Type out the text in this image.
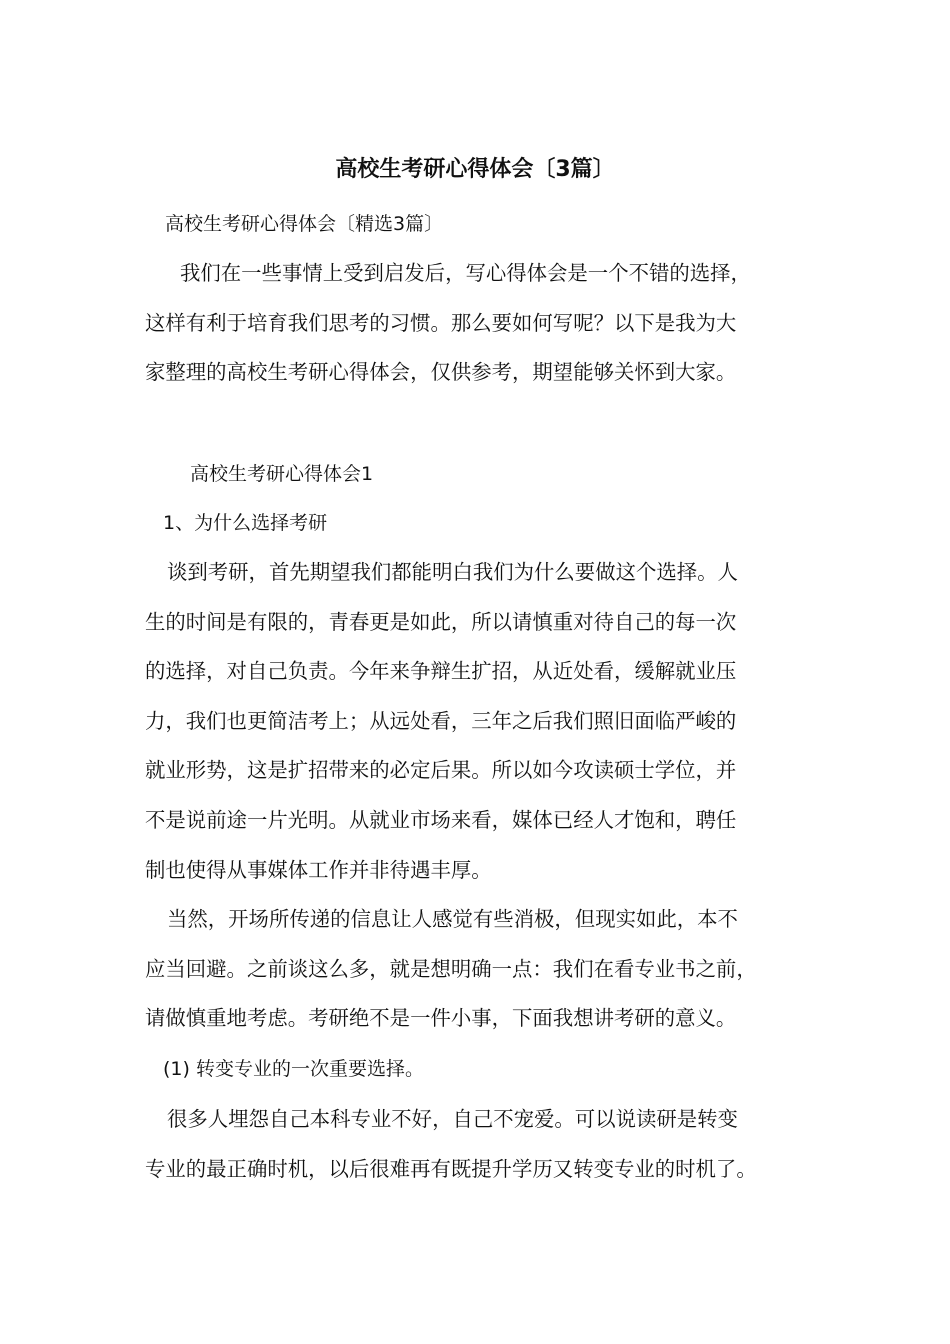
高校生考研心得体会〔3篇〕
高校生考研心得体会〔精选3篇〕
我们在一些事情上受到启发后，写心得体会是一个不错的选择，
这样有利于培育我们思考的习惯。那么要如何写呢？以下是我为大
家整理的高校生考研心得体会，仅供参考，期望能够关怀到大家。
高校生考研心得体会1
1、为什么选择考研
谈到考研，首先期望我们都能明白我们为什么要做这个选择。人
生的时间是有限的，青春更是如此，所以请慎重对待自己的每一次
的选择，对自己负责。今年来争辩生扩招，从近处看，缓解就业压
力，我们也更简洁考上；从远处看，三年之后我们照旧面临严峻的
就业形势，这是扩招带来的必定后果。所以如今攻读硕士学位，并
不是说前途一片光明。从就业市场来看，媒体已经人才饱和，聘任
制也使得从事媒体工作并非待遇丰厚。
当然，开场所传递的信息让人感觉有些消极，但现实如此，本不
应当回避。之前谈这么多，就是想明确一点：我们在看专业书之前，
请做慎重地考虑。考研绝不是一件小事，下面我想讲考研的意义。
(1) 转变专业的一次重要选择。
很多人埋怨自己本科专业不好，自己不宠爱。可以说读研是转变
专业的最正确时机，以后很难再有既提升学历又转变专业的时机了。
